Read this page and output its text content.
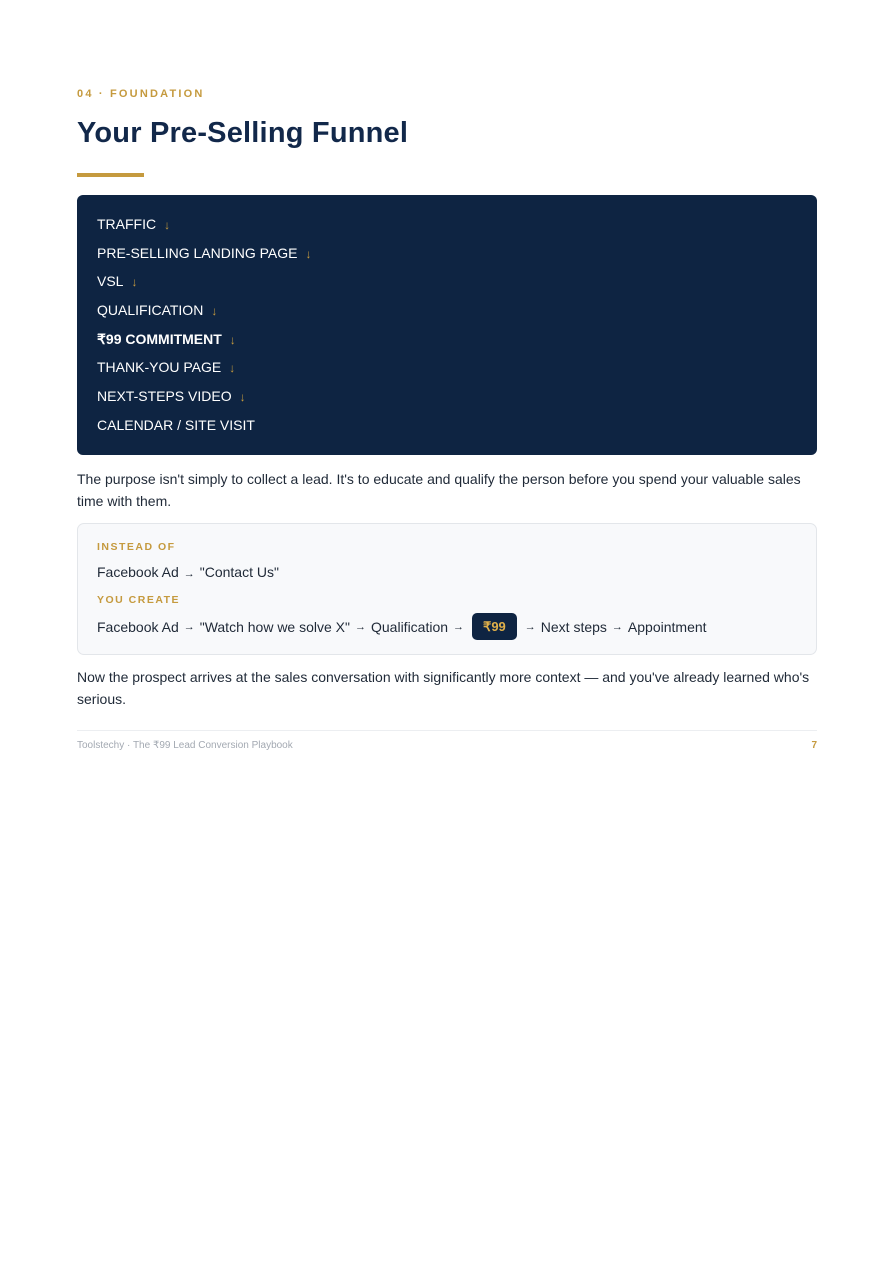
04 · FOUNDATION
Your Pre-Selling Funnel
TRAFFIC ↓
PRE-SELLING LANDING PAGE ↓
VSL ↓
QUALIFICATION ↓
₹99 COMMITMENT ↓
THANK-YOU PAGE ↓
NEXT-STEPS VIDEO ↓
CALENDAR / SITE VISIT

The purpose isn't simply to collect a lead. It's to educate and qualify the person before you spend your valuable sales time with them.

INSTEAD OF
Facebook Ad → "Contact Us"
YOU CREATE
Facebook Ad → "Watch how we solve X" → Qualification →	₹99	→ Next steps → Appointment

Now the prospect arrives at the sales conversation with significantly more context — and you've already learned who's serious.

Toolstechy · The ₹99 Lead Conversion Playbook	7
